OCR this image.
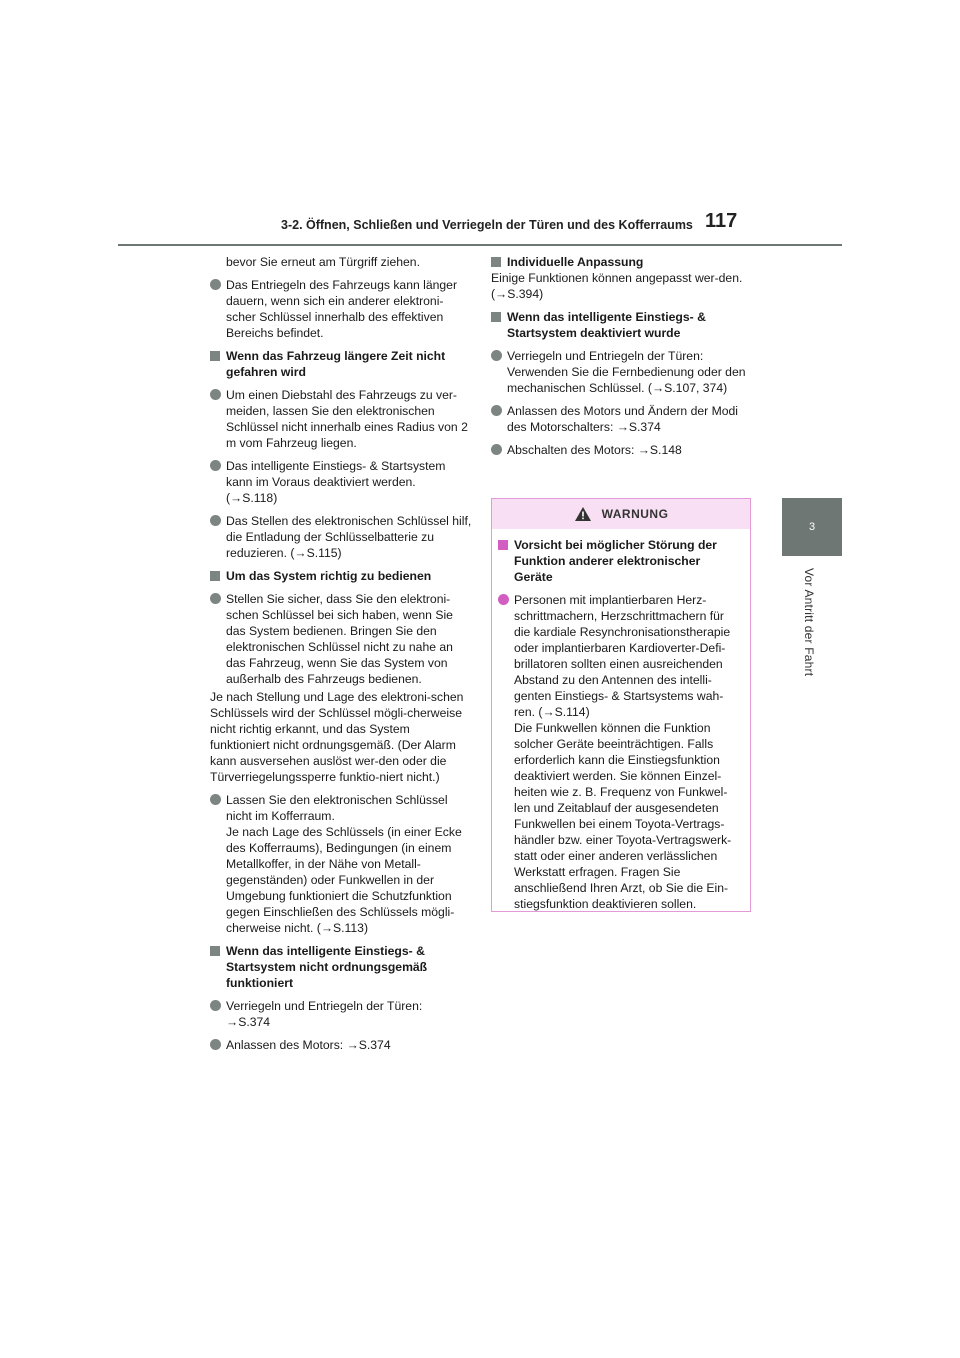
3-2. Öffnen, Schließen und Verriegeln der Türen und des Kofferraums 117
3
Vor Antritt der Fahrt

bevor Sie erneut am Türgriff ziehen.

Das Entriegeln des Fahrzeugs kann länger dauern, wenn sich ein anderer elektroni-scher Schlüssel innerhalb des effektiven Bereichs befindet.

Wenn das Fahrzeug längere Zeit nicht gefahren wird

Um einen Diebstahl des Fahrzeugs zu ver-meiden, lassen Sie den elektronischen Schlüssel nicht innerhalb eines Radius von 2 m vom Fahrzeug liegen.

Das intelligente Einstiegs- & Startsystem kann im Voraus deaktiviert werden.
(→S.118)

Das Stellen des elektronischen Schlüssel hilf, die Entladung der Schlüsselbatterie zu reduzieren. (→S.115)

Um das System richtig zu bedienen

Stellen Sie sicher, dass Sie den elektroni-schen Schlüssel bei sich haben, wenn Sie das System bedienen. Bringen Sie den elektronischen Schlüssel nicht zu nahe an das Fahrzeug, wenn Sie das System von außerhalb des Fahrzeugs bedienen.

Je nach Stellung und Lage des elektroni-schen Schlüssels wird der Schlüssel mögli-cherweise nicht richtig erkannt, und das System funktioniert nicht ordnungsgemäß. (Der Alarm kann ausversehen auslöst wer-den oder die Türverriegelungssperre funktio-niert nicht.)

Lassen Sie den elektronischen Schlüssel nicht im Kofferraum.
Je nach Lage des Schlüssels (in einer Ecke des Kofferraums), Bedingungen (in einem Metallkoffer, in der Nähe von Metall-gegenständen) oder Funkwellen in der Umgebung funktioniert die Schutzfunktion gegen Einschließen des Schlüssels mögli-cherweise nicht. (→S.113)

Wenn das intelligente Einstiegs- & Startsystem nicht ordnungsgemäß funktioniert

Verriegeln und Entriegeln der Türen:
→S.374

Anlassen des Motors: →S.374

Individuelle Anpassung

Einige Funktionen können angepasst wer-den. (→S.394)

Wenn das intelligente Einstiegs- & Startsystem deaktiviert wurde

Verriegeln und Entriegeln der Türen: Verwenden Sie die Fernbedienung oder den mechanischen Schlüssel. (→S.107, 374)

Anlassen des Motors und Ändern der Modi des Motorschalters: →S.374

Abschalten des Motors: →S.148

WARNUNG

Vorsicht bei möglicher Störung der Funktion anderer elektronischer Geräte

Personen mit implantierbaren Herz-schrittmachern, Herzschrittmachern für die kardiale Resynchronisationstherapie oder implantierbaren Kardioverter-Defi-brillatoren sollten einen ausreichenden Abstand zu den Antennen des intelli-genten Einstiegs- & Startsystems wah-ren. (→S.114)
Die Funkwellen können die Funktion solcher Geräte beeinträchtigen. Falls erforderlich kann die Einstiegsfunktion deaktiviert werden. Sie können Einzel-heiten wie z. B. Frequenz von Funkwel-len und Zeitablauf der ausgesendeten Funkwellen bei einem Toyota-Vertrags-händler bzw. einer Toyota-Vertragswerk-statt oder einer anderen verlässlichen Werkstatt erfragen. Fragen Sie anschließend Ihren Arzt, ob Sie die Ein-stiegsfunktion deaktivieren sollen.
